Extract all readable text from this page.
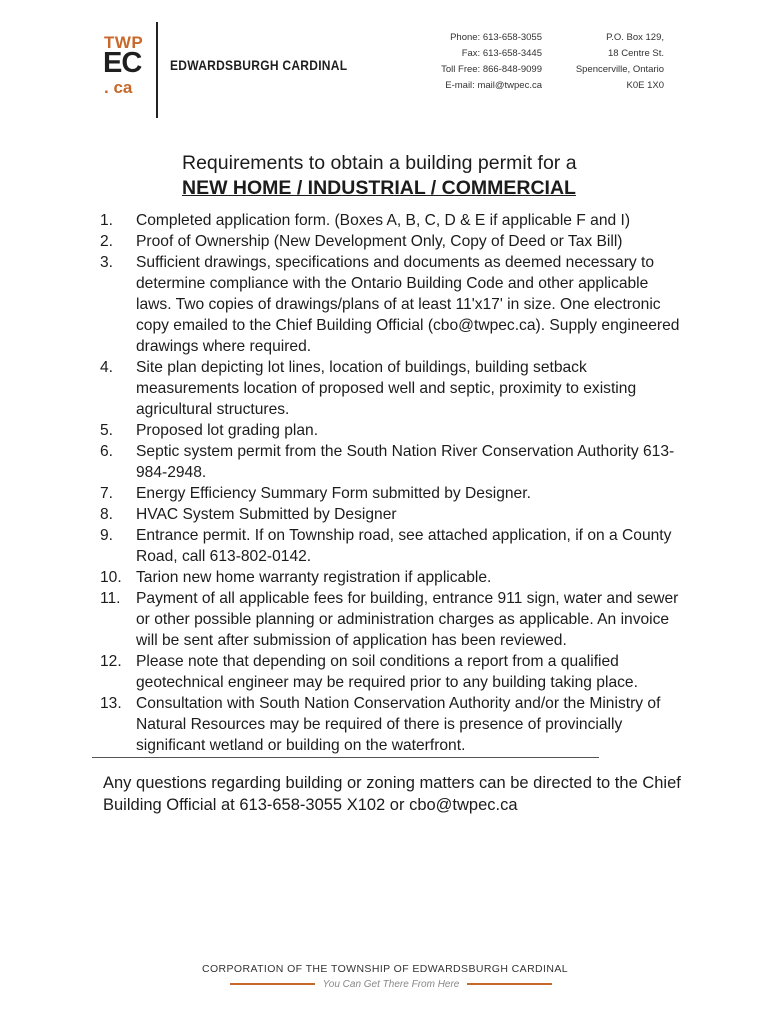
TWP
EC
. ca
EDWARDSBURGH CARDINAL
Phone: 613-658-3055
Fax: 613-658-3445
Toll Free: 866-848-9099
E-mail: mail@twpec.ca
P.O. Box 129,
18 Centre St.
Spencerville, Ontario
K0E 1X0
Requirements to obtain a building permit for a
NEW HOME / INDUSTRIAL / COMMERCIAL
1.	Completed application form. (Boxes A, B, C, D & E if applicable F and I)
2.	Proof of Ownership (New Development Only, Copy of Deed or Tax Bill)
3.	Sufficient drawings, specifications and documents as deemed necessary to determine compliance with the Ontario Building Code and other applicable laws. Two copies of drawings/plans of at least 11'x17' in size. One electronic copy emailed to the Chief Building Official (cbo@twpec.ca). Supply engineered drawings where required.
4.	Site plan depicting lot lines, location of buildings, building setback measurements location of proposed well and septic, proximity to existing agricultural structures.
5.	Proposed lot grading plan.
6.	Septic system permit from the South Nation River Conservation Authority 613-984-2948.
7.	Energy Efficiency Summary Form submitted by Designer.
8.	HVAC System Submitted by Designer
9.	Entrance permit. If on Township road, see attached application, if on a County Road, call 613-802-0142.
10. Tarion new home warranty registration if applicable.
11. Payment of all applicable fees for building, entrance 911 sign, water and sewer or other possible planning or administration charges as applicable. An invoice will be sent after submission of application has been reviewed.
12. Please note that depending on soil conditions a report from a qualified geotechnical engineer may be required prior to any building taking place.
13. Consultation with South Nation Conservation Authority and/or the Ministry of Natural Resources may be required of there is presence of provincially significant wetland or building on the waterfront.
Any questions regarding building or zoning matters can be directed to the Chief Building Official at 613-658-3055 X102 or cbo@twpec.ca
CORPORATION OF THE TOWNSHIP OF EDWARDSBURGH CARDINAL
You Can Get There From Here
